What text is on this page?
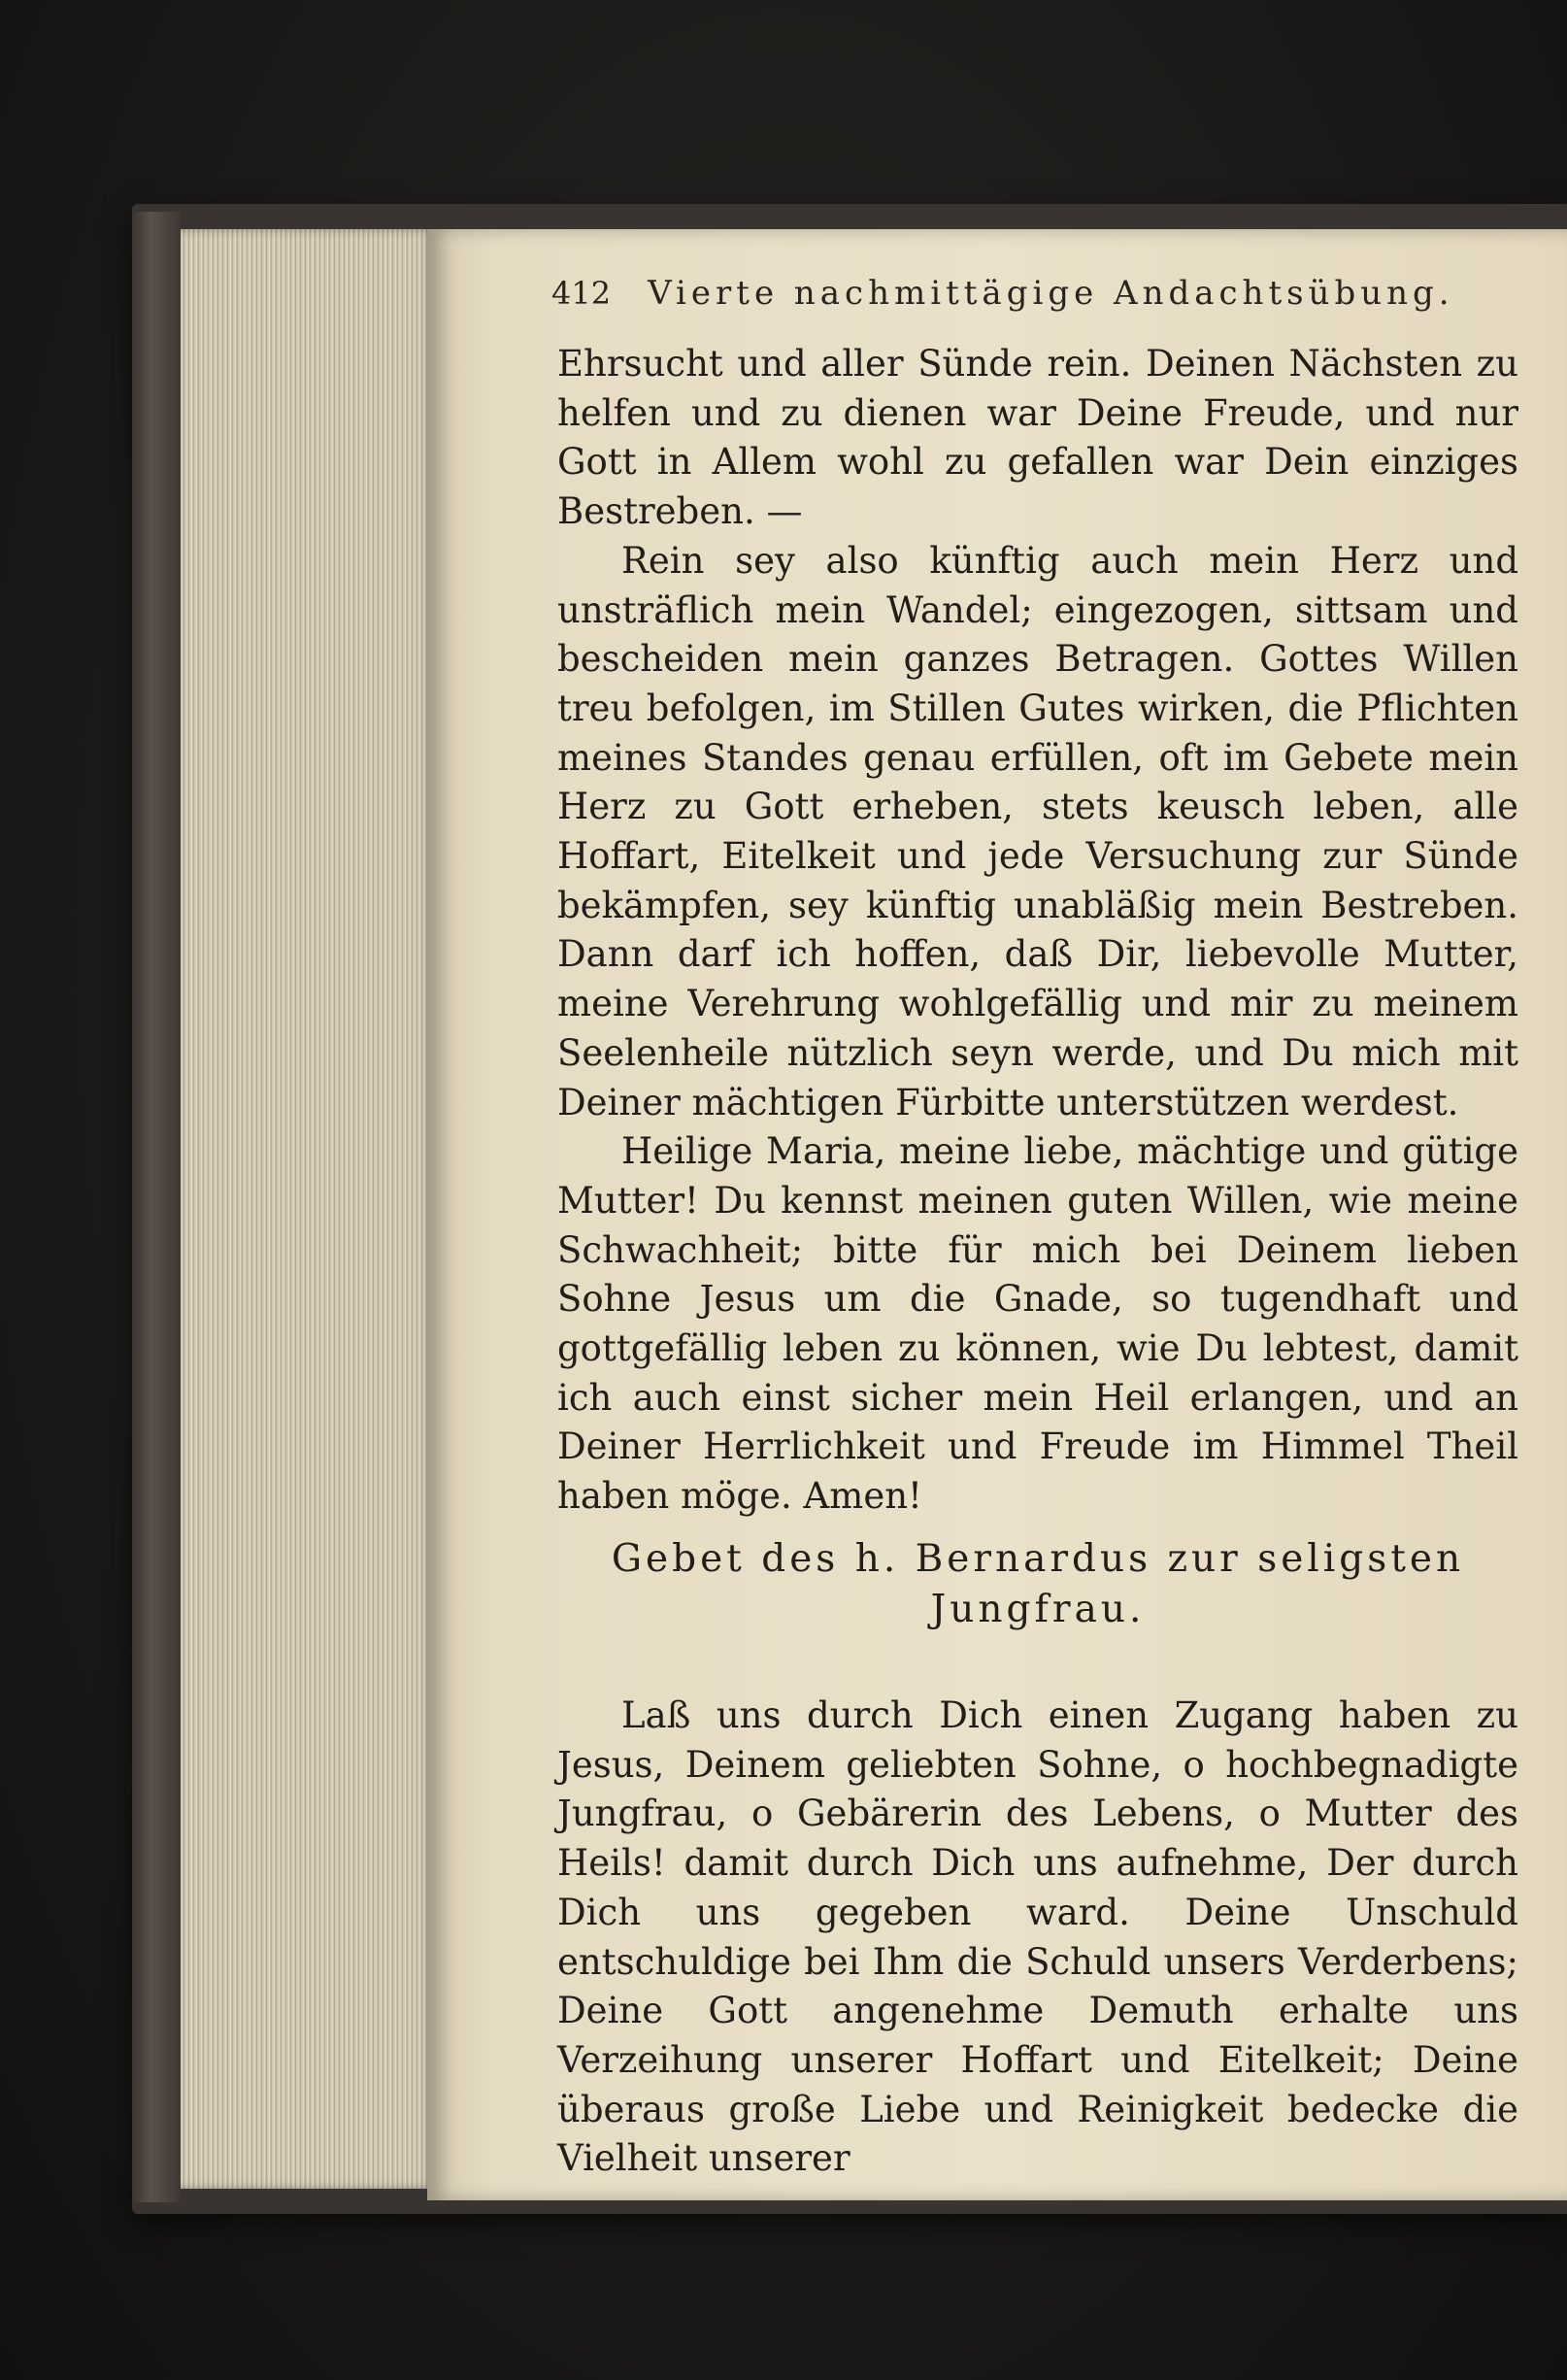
412 Vierte nachmittägige Andachtsübung.

Ehrsucht und aller Sünde rein. Deinen Nächsten zu helfen und zu dienen war Deine Freude, und nur Gott in Allem wohl zu gefallen war Dein einziges Bestreben. —

Rein sey also künftig auch mein Herz und unsträflich mein Wandel; eingezogen, sittsam und bescheiden mein ganzes Betragen. Gottes Willen treu befolgen, im Stillen Gutes wirken, die Pflichten meines Standes genau erfüllen, oft im Gebete mein Herz zu Gott erheben, stets keusch leben, alle Hoffart, Eitelkeit und jede Versuchung zur Sünde bekämpfen, sey künftig unabläßig mein Bestreben. Dann darf ich hoffen, daß Dir, liebevolle Mutter, meine Verehrung wohlgefällig und mir zu meinem Seelenheile nützlich seyn werde, und Du mich mit Deiner mächtigen Fürbitte unterstützen werdest.

Heilige Maria, meine liebe, mächtige und gütige Mutter! Du kennst meinen guten Willen, wie meine Schwachheit; bitte für mich bei Deinem lieben Sohne Jesus um die Gnade, so tugendhaft und gottgefällig leben zu können, wie Du lebtest, damit ich auch einst sicher mein Heil erlangen, und an Deiner Herrlichkeit und Freude im Himmel Theil haben möge. Amen!

Gebet des h. Bernardus zur seligsten Jungfrau.

Laß uns durch Dich einen Zugang haben zu Jesus, Deinem geliebten Sohne, o hochbegnadigte Jungfrau, o Gebärerin des Lebens, o Mutter des Heils! damit durch Dich uns aufnehme, Der durch Dich uns gegeben ward. Deine Unschuld entschuldige bei Ihm die Schuld unsers Verderbens; Deine Gott angenehme Demuth erhalte uns Verzeihung unserer Hoffart und Eitelkeit; Deine überaus große Liebe und Reinigkeit bedecke die Vielheit unserer
